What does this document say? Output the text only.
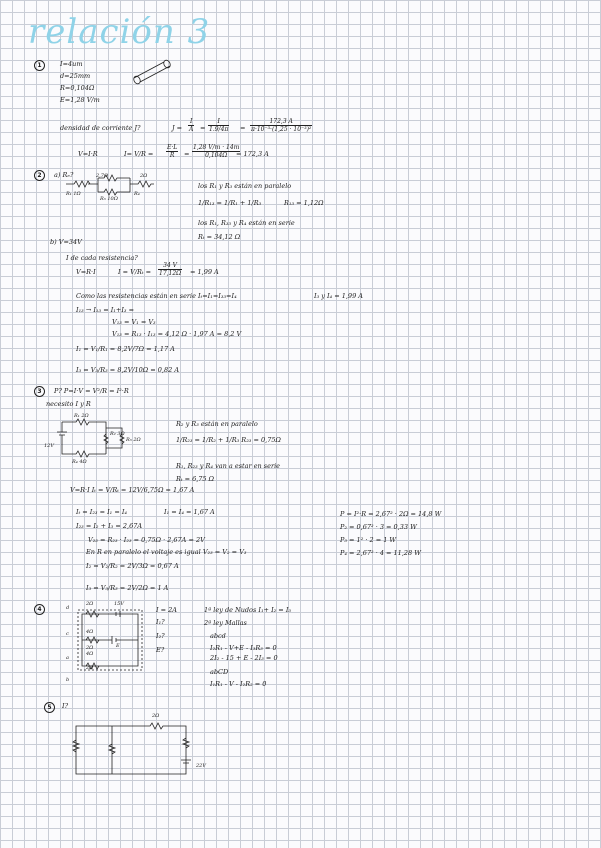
relación 3
1	I=4um
d=25mm
R=0,104Ω
E=1,28 V/m
densidad de corriente J?	$J = \frac{I}{A} = \frac{I}{1.9/4\pi} = \frac{172,3 A}{\text{π·10⁻³·(1,25 · 10⁻³)²}}$
V=I·R	$I= V/R = \frac{E\cdot L}{R} = \frac{1,28 V/m \cdot 14m}{0,104\Omega}$
= 172,3 A
2	a) Rₑ?	2,7Ω	2Ω
R₁ 1Ω
R₃ 10Ω
R₄
los R₁ y R₃ están en paralelo
1/R₁₃ = 1/R₁ + 1/R₃	R₁₃ = 1,12Ω
los R₁, R₃₃ y R₄ están en serie
Rₜ = 34,12 Ω
b) V=34V
I de cada resistencia?
V=R·I	$I = V/R_t = \frac{34 V}{17,12\Omega} = 1,99$ A
Como las resistencias están en serie Iₜ=I₁=I₃₃=I₄	I₃ y I₄ = 1,99 A
I₁₃ → I₁₃ = I₁+I₃ =
V₁₃ = V₁ = V₃
V₁₃ = R₁₃ · I₁₃ = 4,12 Ω · 1,97 A = 8,2 V
I₁ = V₁/R₁ = 8,2V/7Ω = 1,17 A
I₃ = V₃/R₃ = 8,2V/10Ω = 0,82 A
3	P? P=I·V = V²/R = I²·R
necesito I y R
R₁ 2Ω
R₂ 3Ω
R₃ 2Ω
R₄ 4Ω
12V
R₂ y R₃ están en paralelo
1/R₂₃ = 1/R₂ + 1/R₃ R₂₃ = 0,75Ω
R₁, R₂₃ y R₄ van a estar en serie
Rₜ = 6,75 Ω
V=R·I Iₜ = V/Rₜ = 12V/6,75Ω = 1,67 A
Iₜ = I₂₃ = I₁ = I₄	I₁ = I₄ = 1,67 A
I₂₃ = I₂ + I₃ = 2,67A
V₂₃ = R₂₃ · I₂₃ = 0,75Ω · 2,67A = 2V
En R en paralelo el voltaje es igual V₂₃ = V₂ = V₃
I₂ = V₂/R₂ = 2V/3Ω = 0,67 A
I₃ = V₃/R₃ = 2V/2Ω = 1 A
P = I²·R = 2,67² · 2Ω = 14,8 W
P₂ = 0,67² · 3 = 0,33 W
P₃ = 1² · 2 = 1 W
P₄ = 2,67² · 4 = 11,28 W
4
2Ω	15V
4Ω
4Ω
2Ω
2Ω	E
d
b
c
a
I = 2A
I₁?
I₂?
E?
1ª ley de Nudos I₁+ I₂ = I₃
2ª ley Mallas
abcd
I₂R₁ - V+E - I₃R₃ = 0
2I₂ - 15 + E - 2I₃ = 0
abCD
I₁R₁ - V - I₂R₂ = 0
5	I?
2Ω
22V
